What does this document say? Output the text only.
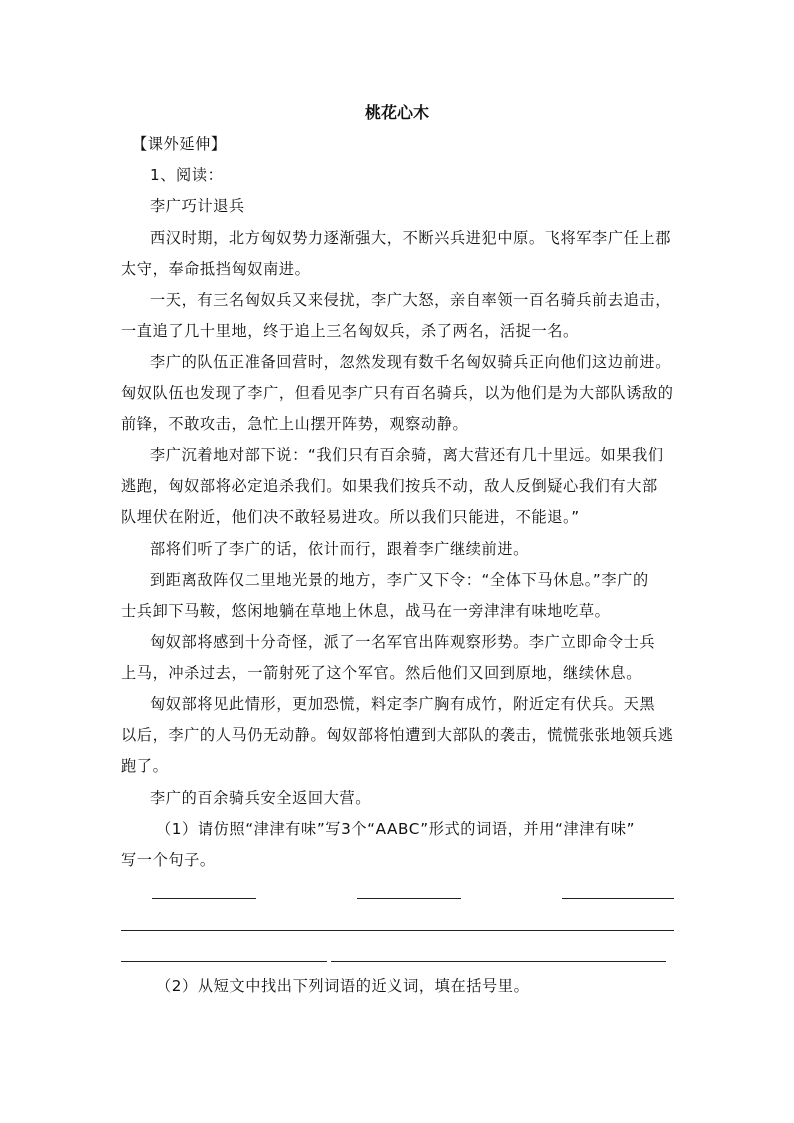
桃花心木
【课外延伸】
1、阅读：
李广巧计退兵
西汉时期，北方匈奴势力逐渐强大，不断兴兵进犯中原。飞将军李广任上郡
太守，奉命抵挡匈奴南进。
一天，有三名匈奴兵又来侵扰，李广大怒，亲自率领一百名骑兵前去追击，
一直追了几十里地，终于追上三名匈奴兵，杀了两名，活捉一名。
李广的队伍正准备回营时，忽然发现有数千名匈奴骑兵正向他们这边前进。
匈奴队伍也发现了李广，但看见李广只有百名骑兵，以为他们是为大部队诱敌的
前锋，不敢攻击，急忙上山摆开阵势，观察动静。
李广沉着地对部下说：“我们只有百余骑，离大营还有几十里远。如果我们
逃跑，匈奴部将必定追杀我们。如果我们按兵不动，敌人反倒疑心我们有大部
队埋伏在附近，他们决不敢轻易进攻。所以我们只能进，不能退。”
部将们听了李广的话，依计而行，跟着李广继续前进。
到距离敌阵仅二里地光景的地方，李广又下令：“全体下马休息。”李广的
士兵卸下马鞍，悠闲地躺在草地上休息，战马在一旁津津有味地吃草。
匈奴部将感到十分奇怪，派了一名军官出阵观察形势。李广立即命令士兵
上马，冲杀过去，一箭射死了这个军官。然后他们又回到原地，继续休息。
匈奴部将见此情形，更加恐慌，料定李广胸有成竹，附近定有伏兵。天黑
以后，李广的人马仍无动静。匈奴部将怕遭到大部队的袭击，慌慌张张地领兵逃
跑了。
李广的百余骑兵安全返回大营。
（1）请仿照“津津有味”写3个“AABC”形式的词语，并用“津津有味”
写一个句子。
（2）从短文中找出下列词语的近义词，填在括号里。
